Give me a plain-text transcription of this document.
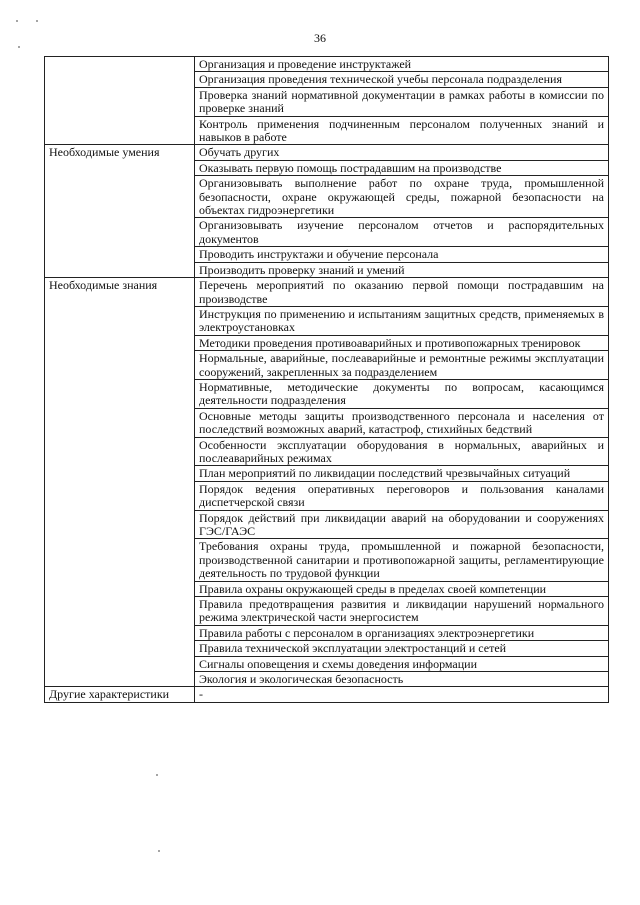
36
	Организация и проведение инструктажей
	Организация проведения технической учебы персонала подразделения
	Проверка знаний нормативной документации в рамках работы в комиссии по проверке знаний
	Контроль применения подчиненным персоналом полученных знаний и навыков в работе
Необходимые умения	Обучать других
	Оказывать первую помощь пострадавшим на производстве
	Организовывать выполнение работ по охране труда, промышленной безопасности, охране окружающей среды, пожарной безопасности на объектах гидроэнергетики
	Организовывать изучение персоналом отчетов и распорядительных документов
	Проводить инструктажи и обучение персонала
	Производить проверку знаний и умений
Необходимые знания	Перечень мероприятий по оказанию первой помощи пострадавшим на производстве
	Инструкция по применению и испытаниям защитных средств, применяемых в электроустановках
	Методики проведения противоаварийных и противопожарных тренировок
	Нормальные, аварийные, послеаварийные и ремонтные режимы эксплуатации сооружений, закрепленных за подразделением
	Нормативные, методические документы по вопросам, касающимся деятельности подразделения
	Основные методы защиты производственного персонала и населения от последствий возможных аварий, катастроф, стихийных бедствий
	Особенности эксплуатации оборудования в нормальных, аварийных и послеаварийных режимах
	План мероприятий по ликвидации последствий чрезвычайных ситуаций
	Порядок ведения оперативных переговоров и пользования каналами диспетчерской связи
	Порядок действий при ликвидации аварий на оборудовании и сооружениях ГЭС/ГАЭС
	Требования охраны труда, промышленной и пожарной безопасности, производственной санитарии и противопожарной защиты, регламентирующие деятельность по трудовой функции
	Правила охраны окружающей среды в пределах своей компетенции
	Правила предотвращения развития и ликвидации нарушений нормального режима электрической части энергосистем
	Правила работы с персоналом в организациях электроэнергетики
	Правила технической эксплуатации электростанций и сетей
	Сигналы оповещения и схемы доведения информации
	Экология и экологическая безопасность
Другие характеристики	-
